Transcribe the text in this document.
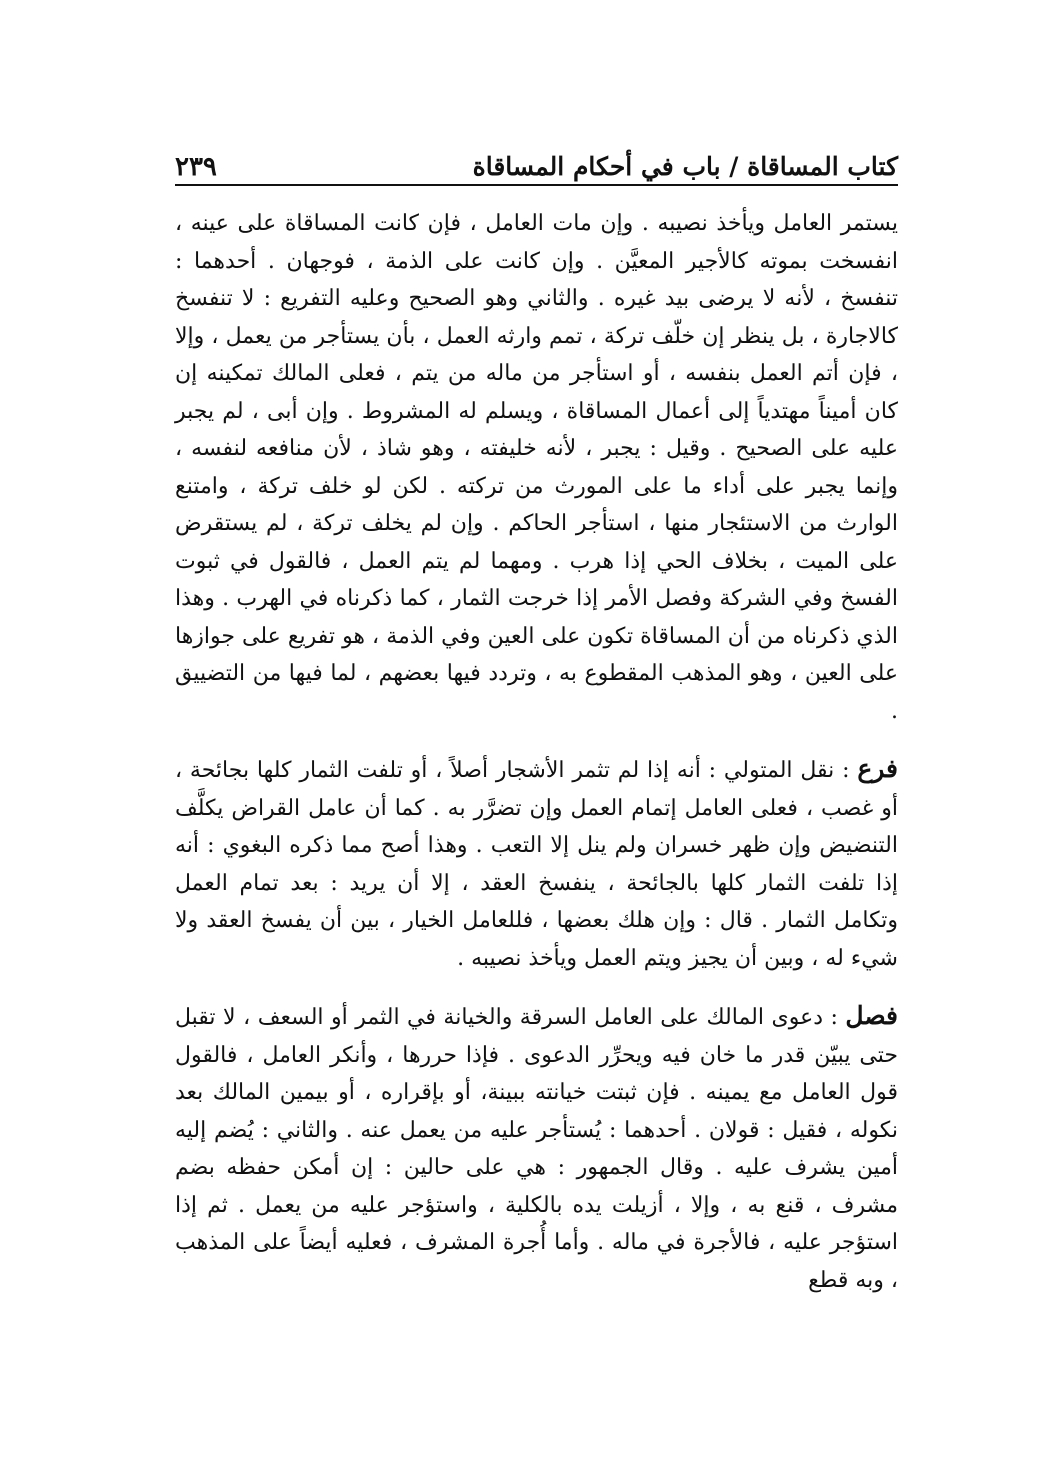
٢٣٩	كتاب المساقاة / باب في أحكام المساقاة

يستمر العامل ويأخذ نصيبه . وإن مات العامل ، فإن كانت المساقاة على عينه ، انفسخت بموته كالأجير المعيَّن . وإن كانت على الذمة ، فوجهان . أحدهما : تنفسخ ، لأنه لا يرضى بيد غيره . والثاني وهو الصحيح وعليه التفريع : لا تنفسخ كالاجارة ، بل ينظر إن خلّف تركة ، تمم وارثه العمل ، بأن يستأجر من يعمل ، وإلا ، فإن أتم العمل بنفسه ، أو استأجر من ماله من يتم ، فعلى المالك تمكينه إن كان أميناً مهتدياً إلى أعمال المساقاة ، ويسلم له المشروط . وإن أبى ، لم يجبر عليه على الصحيح . وقيل : يجبر ، لأنه خليفته ، وهو شاذ ، لأن منافعه لنفسه ، وإنما يجبر على أداء ما على المورث من تركته . لكن لو خلف تركة ، وامتنع الوارث من الاستئجار منها ، استأجر الحاكم . وإن لم يخلف تركة ، لم يستقرض على الميت ، بخلاف الحي إذا هرب . ومهما لم يتم العمل ، فالقول في ثبوت الفسخ وفي الشركة وفصل الأمر إذا خرجت الثمار ، كما ذكرناه في الهرب . وهذا الذي ذكرناه من أن المساقاة تكون على العين وفي الذمة ، هو تفريع على جوازها على العين ، وهو المذهب المقطوع به ، وتردد فيها بعضهم ، لما فيها من التضييق .

فرع : نقل المتولي : أنه إذا لم تثمر الأشجار أصلاً ، أو تلفت الثمار كلها بجائحة ، أو غصب ، فعلى العامل إتمام العمل وإن تضرَّر به . كما أن عامل القراض يكلَّف التنضيض وإن ظهر خسران ولم ينل إلا التعب . وهذا أصح مما ذكره البغوي : أنه إذا تلفت الثمار كلها بالجائحة ، ينفسخ العقد ، إلا أن يريد : بعد تمام العمل وتكامل الثمار . قال : وإن هلك بعضها ، فللعامل الخيار ، بين أن يفسخ العقد ولا شيء له ، وبين أن يجيز ويتم العمل ويأخذ نصيبه .

فصل : دعوى المالك على العامل السرقة والخيانة في الثمر أو السعف ، لا تقبل حتى يبيّن قدر ما خان فيه ويحرِّر الدعوى . فإذا حررها ، وأنكر العامل ، فالقول قول العامل مع يمينه . فإن ثبتت خيانته ببينة، أو بإقراره ، أو بيمين المالك بعد نكوله ، فقيل : قولان . أحدهما : يُستأجر عليه من يعمل عنه . والثاني : يُضم إليه أمين يشرف عليه . وقال الجمهور : هي على حالين : إن أمكن حفظه بضم مشرف ، قنع به ، وإلا ، أزيلت يده بالكلية ، واستؤجر عليه من يعمل . ثم إذا استؤجر عليه ، فالأجرة في ماله . وأما أُجرة المشرف ، فعليه أيضاً على المذهب ، وبه قطع
